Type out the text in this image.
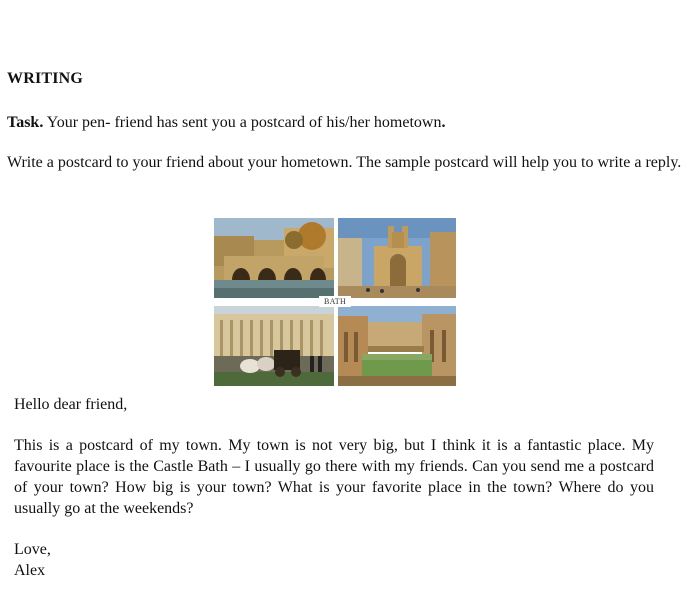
WRITING
Task. Your pen- friend has sent you a postcard of his/her hometown.
Write a postcard to your friend about your hometown. The sample postcard will help you to write a reply.
BATH
Hello dear friend,
This is a postcard of my town. My town is not very big, but I think it is a fantastic place. My favourite place is the Castle Bath – I usually go there with my friends. Can you send me a postcard of your town? How big is your town? What is your favorite place in the town? Where do you usually go at the weekends?
Love,
Alex
